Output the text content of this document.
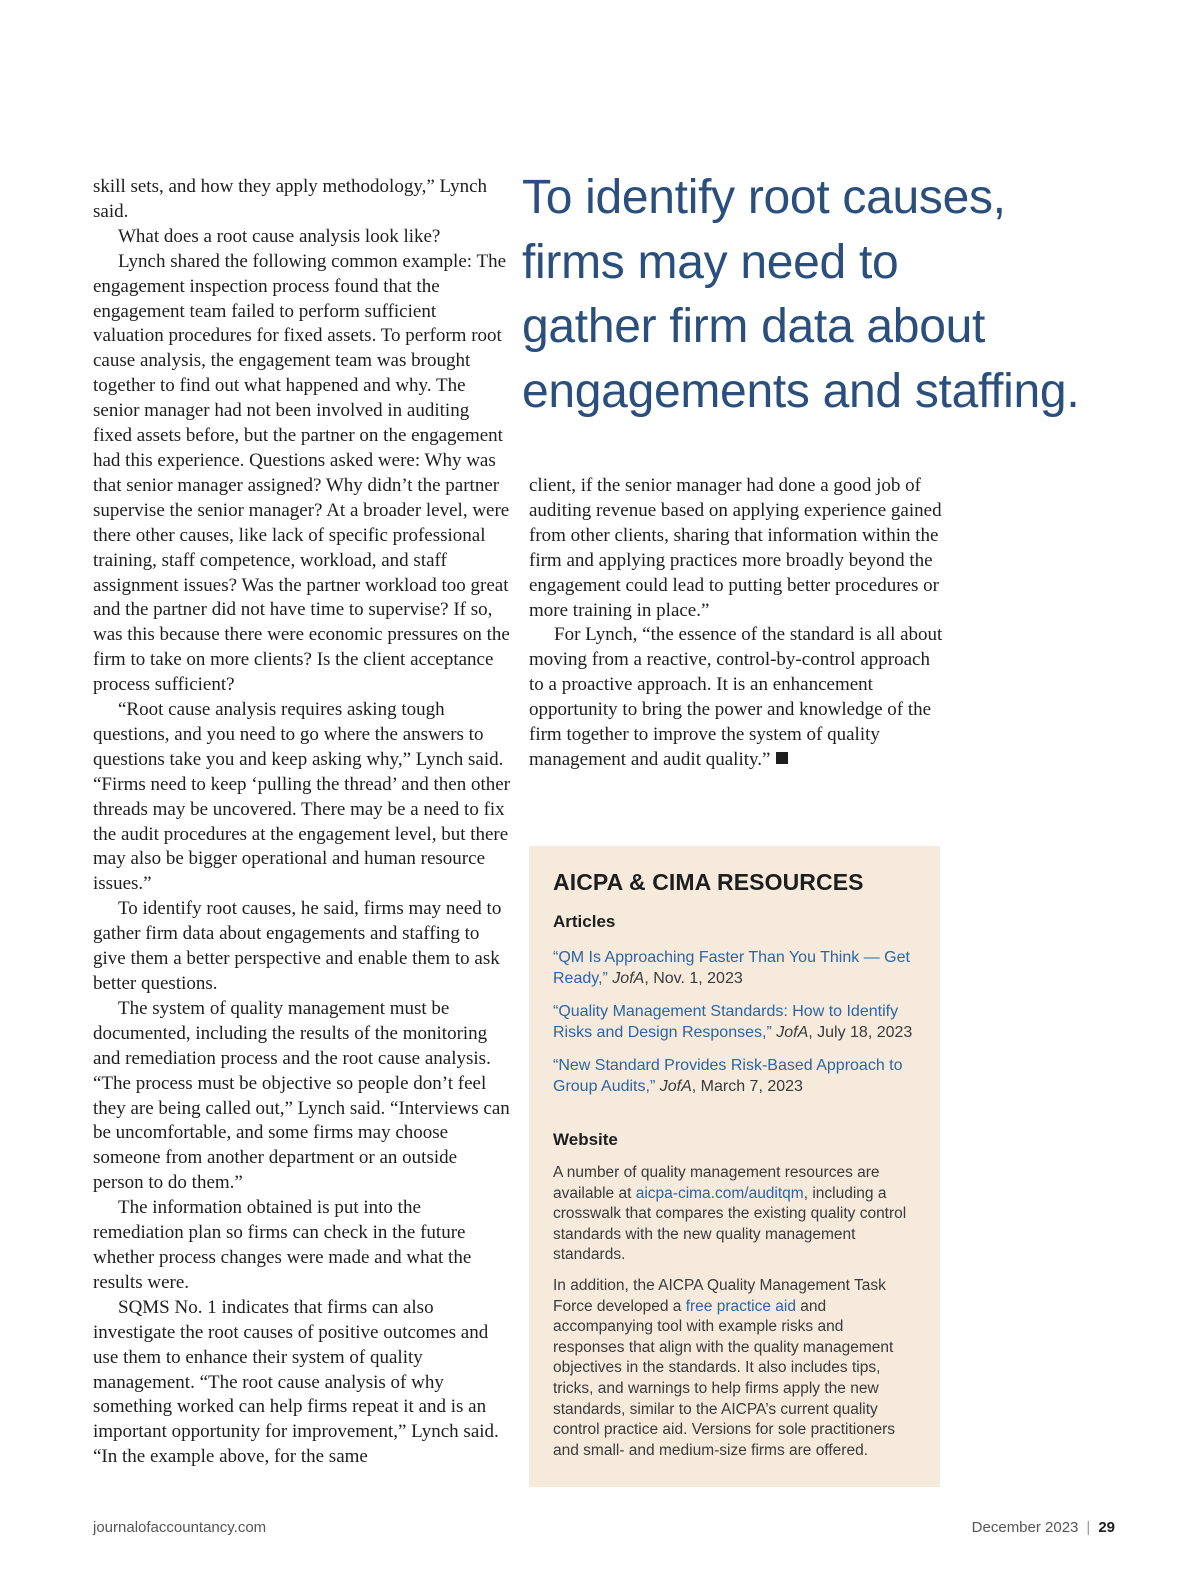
skill sets, and how they apply methodology,” Lynch said.

What does a root cause analysis look like?

Lynch shared the following common example: The engagement inspection process found that the engagement team failed to perform sufficient valuation procedures for fixed assets. To perform root cause analysis, the engagement team was brought together to find out what happened and why. The senior manager had not been involved in auditing fixed assets before, but the partner on the engagement had this experience. Questions asked were: Why was that senior manager assigned? Why didn’t the partner supervise the senior manager? At a broader level, were there other causes, like lack of specific professional training, staff competence, workload, and staff assignment issues? Was the partner workload too great and the partner did not have time to supervise? If so, was this because there were economic pressures on the firm to take on more clients? Is the client acceptance process sufficient?

“Root cause analysis requires asking tough questions, and you need to go where the answers to questions take you and keep asking why,” Lynch said. “Firms need to keep ‘pulling the thread’ and then other threads may be uncovered. There may be a need to fix the audit procedures at the engagement level, but there may also be bigger operational and human resource issues.”

To identify root causes, he said, firms may need to gather firm data about engagements and staffing to give them a better perspective and enable them to ask better questions.

The system of quality management must be documented, including the results of the monitoring and remediation process and the root cause analysis. “The process must be objective so people don’t feel they are being called out,” Lynch said. “Interviews can be uncomfortable, and some firms may choose someone from another department or an outside person to do them.”

The information obtained is put into the remediation plan so firms can check in the future whether process changes were made and what the results were.

SQMS No. 1 indicates that firms can also investigate the root causes of positive outcomes and use them to enhance their system of quality management. “The root cause analysis of why something worked can help firms repeat it and is an important opportunity for improvement,” Lynch said. “In the example above, for the same

To identify root causes,
firms may need to
gather firm data about
engagements and staffing.

client, if the senior manager had done a good job of auditing revenue based on applying experience gained from other clients, sharing that information within the firm and applying practices more broadly beyond the engagement could lead to putting better procedures or more training in place.”

For Lynch, “the essence of the standard is all about moving from a reactive, control-by-control approach to a proactive approach. It is an enhancement opportunity to bring the power and knowledge of the firm together to improve the system of quality management and audit quality.”

AICPA & CIMA RESOURCES
Articles
“QM Is Approaching Faster Than You Think — Get Ready,” JofA, Nov. 1, 2023
“Quality Management Standards: How to Identify Risks and Design Responses,” JofA, July 18, 2023
“New Standard Provides Risk-Based Approach to Group Audits,” JofA, March 7, 2023
Website

A number of quality management resources are available at aicpa-cima.com/auditqm, including a crosswalk that compares the existing quality control standards with the new quality management standards.

In addition, the AICPA Quality Management Task Force developed a free practice aid and accompanying tool with example risks and responses that align with the quality management objectives in the standards. It also includes tips, tricks, and warnings to help firms apply the new standards, similar to the AICPA’s current quality control practice aid. Versions for sole practitioners and small- and medium-size firms are offered.

journalofaccountancy.com	December 2023 | 29
